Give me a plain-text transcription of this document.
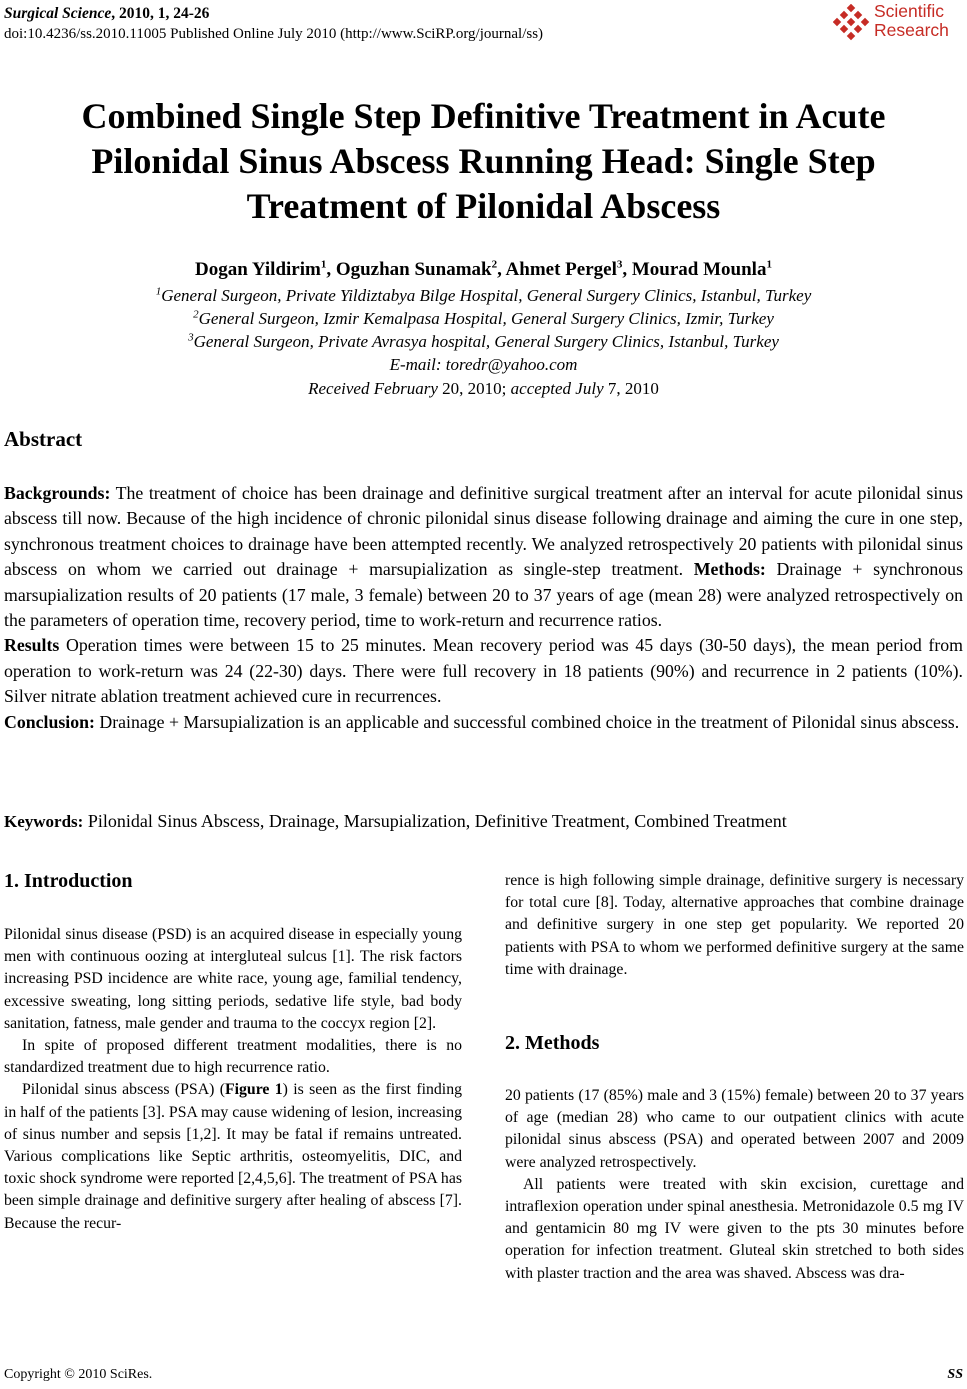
Surgical Science, 2010, 1, 24-26
doi:10.4236/ss.2010.11005 Published Online July 2010 (http://www.SciRP.org/journal/ss)
Scientific
Research
Combined Single Step Definitive Treatment in Acute
Pilonidal Sinus Abscess Running Head: Single Step
Treatment of Pilonidal Abscess
Dogan Yildirim$^1$, Oguzhan Sunamak$^2$, Ahmet Pergel$^3$, Mourad Mounla$^1$
$^1$General Surgeon, Private Yildiztabya Bilge Hospital, General Surgery Clinics, Istanbul, Turkey
$^2$General Surgeon, Izmir Kemalpasa Hospital, General Surgery Clinics, Izmir, Turkey
$^3$General Surgeon, Private Avrasya hospital, General Surgery Clinics, Istanbul, Turkey
E-mail: toredr@yahoo.com
Received February 20, 2010; accepted July 7, 2010
Abstract
Backgrounds: The treatment of choice has been drainage and definitive surgical treatment after an interval for acute pilonidal sinus abscess till now. Because of the high incidence of chronic pilonidal sinus disease following drainage and aiming the cure in one step, synchronous treatment choices to drainage have been attempted recently. We analyzed retrospectively 20 patients with pilonidal sinus abscess on whom we carried out drainage + marsupialization as single-step treatment. Methods: Drainage + synchronous marsupialization results of 20 patients (17 male, 3 female) between 20 to 37 years of age (mean 28) were analyzed retrospectively on the parameters of operation time, recovery period, time to work-return and recurrence ratios.
Results Operation times were between 15 to 25 minutes. Mean recovery period was 45 days (30-50 days), the mean period from operation to work-return was 24 (22-30) days. There were full recovery in 18 patients (90%) and recurrence in 2 patients (10%). Silver nitrate ablation treatment achieved cure in recurrences.
Conclusion: Drainage + Marsupialization is an applicable and successful combined choice in the treatment of Pilonidal sinus abscess.
Keywords: Pilonidal Sinus Abscess, Drainage, Marsupialization, Definitive Treatment, Combined Treatment
1. Introduction

Pilonidal sinus disease (PSD) is an acquired disease in especially young men with continuous oozing at intergluteal sulcus [1]. The risk factors increasing PSD incidence are white race, young age, familial tendency, excessive sweating, long sitting periods, sedative life style, bad body sanitation, fatness, male gender and trauma to the coccyx region [2].

In spite of proposed different treatment modalities, there is no standardized treatment due to high recurrence ratio.

Pilonidal sinus abscess (PSA) (Figure 1) is seen as the first finding in half of the patients [3]. PSA may cause widening of lesion, increasing of sinus number and sepsis [1,2]. It may be fatal if remains untreated. Various complications like Septic arthritis, osteomyelitis, DIC, and toxic shock syndrome were reported [2,4,5,6]. The treatment of PSA has been simple drainage and definitive surgery after healing of abscess [7]. Because the recur-

rence is high following simple drainage, definitive surgery is necessary for total cure [8]. Today, alternative approaches that combine drainage and definitive surgery in one step get popularity. We reported 20 patients with PSA to whom we performed definitive surgery at the same time with drainage.

2. Methods

20 patients (17 (85%) male and 3 (15%) female) between 20 to 37 years of age (median 28) who came to our outpatient clinics with acute pilonidal sinus abscess (PSA) and operated between 2007 and 2009 were analyzed retrospectively.

All patients were treated with skin excision, curettage and intraflexion operation under spinal anesthesia. Metronidazole 0.5 mg IV and gentamicin 80 mg IV were given to the pts 30 minutes before operation for infection treatment. Gluteal skin stretched to both sides with plaster traction and the area was shaved. Abscess was dra-

Copyright © 2010 SciRes.	SS
